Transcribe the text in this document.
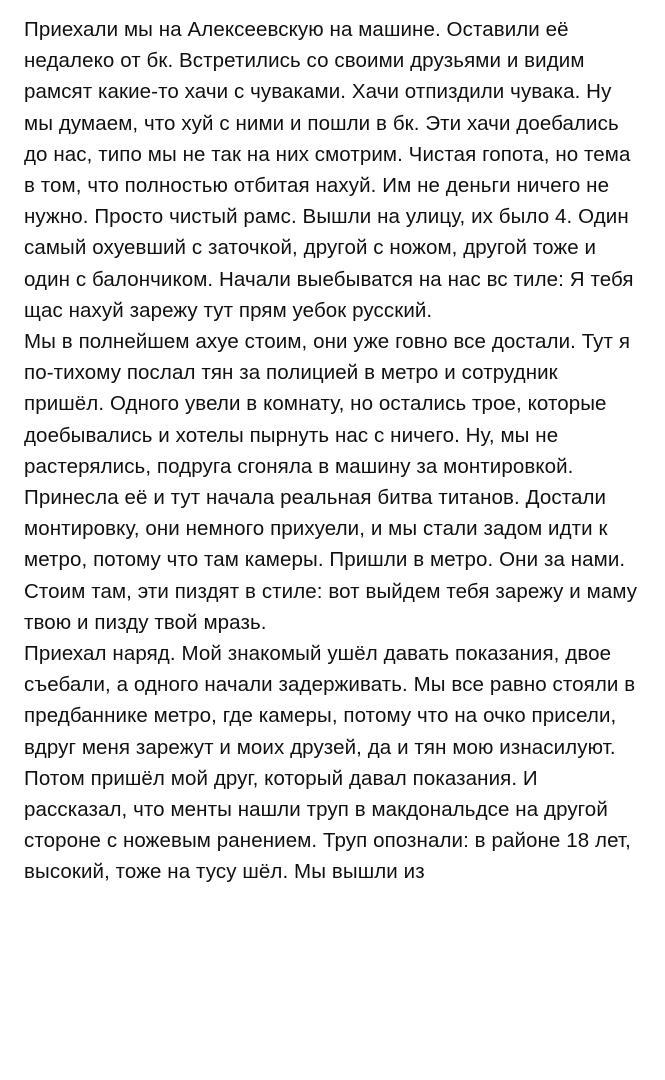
Приехали мы на Алексеевскую на машине. Оставили её недалеко от бк. Встретились со своими друзьями и видим рамсят какие-то хачи с чуваками. Хачи отпиздили чувака. Ну мы думаем, что хуй с ними и пошли в бк. Эти хачи доебались до нас, типо мы не так на них смотрим. Чистая гопота, но тема в том, что полностью отбитая нахуй. Им не деньги ничего не нужно. Просто чистый рамс. Вышли на улицу, их было 4. Один самый охуевший с заточкой, другой с ножом, другой тоже и один с балончиком. Начали выебыватся на нас вс тиле: Я тебя щас нахуй зарежу тут прям уебок русский.

Мы в полнейшем ахуе стоим, они уже говно все достали. Тут я по-тихому послал тян за полицией в метро и сотрудник пришёл. Одного увели в комнату, но остались трое, которые доебывались и хотелы пырнуть нас с ничего. Ну, мы не растерялись, подруга сгоняла в машину за монтировкой. Принесла её и тут начала реальная битва титанов. Достали монтировку, они немного прихуели, и мы стали задом идти к метро, потому что там камеры. Пришли в метро. Они за нами. Стоим там, эти пиздят в стиле: вот выйдем тебя зарежу и маму твою и пизду твой мразь.

Приехал наряд. Мой знакомый ушёл давать показания, двое съебали, а одного начали задерживать. Мы все равно стояли в предбаннике метро, где камеры, потому что на очко присели, вдруг меня зарежут и моих друзей, да и тян мою изнасилуют. Потом пришёл мой друг, который давал показания. И рассказал, что менты нашли труп в макдональдсе на другой стороне с ножевым ранением. Труп опознали: в районе 18 лет, высокий, тоже на тусу шёл. Мы вышли из
